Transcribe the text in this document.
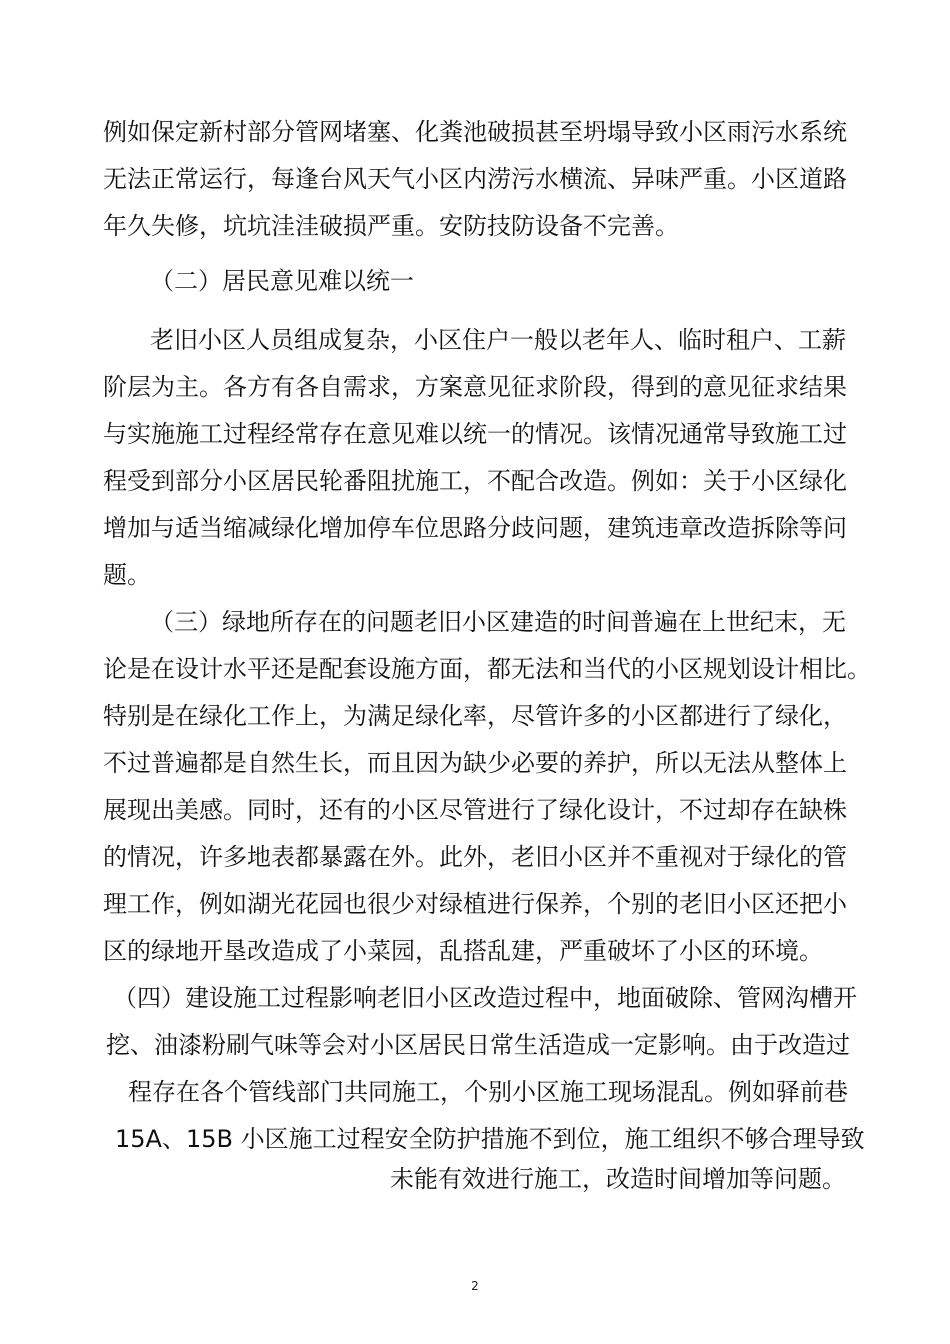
例如保定新村部分管网堵塞、化粪池破损甚至坍塌导致小区雨污水系统
无法正常运行，每逢台风天气小区内涝污水横流、异味严重。小区道路
年久失修，坑坑洼洼破损严重。安防技防设备不完善。
（二）居民意见难以统一
老旧小区人员组成复杂，小区住户一般以老年人、临时租户、工薪
阶层为主。各方有各自需求，方案意见征求阶段，得到的意见征求结果
与实施施工过程经常存在意见难以统一的情况。该情况通常导致施工过
程受到部分小区居民轮番阻扰施工，不配合改造。例如：关于小区绿化
增加与适当缩减绿化增加停车位思路分歧问题，建筑违章改造拆除等问
题。
（三）绿地所存在的问题老旧小区建造的时间普遍在上世纪末，无
论是在设计水平还是配套设施方面，都无法和当代的小区规划设计相比。
特别是在绿化工作上，为满足绿化率，尽管许多的小区都进行了绿化，
不过普遍都是自然生长，而且因为缺少必要的养护，所以无法从整体上
展现出美感。同时，还有的小区尽管进行了绿化设计，不过却存在缺株
的情况，许多地表都暴露在外。此外，老旧小区并不重视对于绿化的管
理工作，例如湖光花园也很少对绿植进行保养，个别的老旧小区还把小
区的绿地开垦改造成了小菜园，乱搭乱建，严重破坏了小区的环境。
（四）建设施工过程影响老旧小区改造过程中，地面破除、管网沟槽开
挖、油漆粉刷气味等会对小区居民日常生活造成一定影响。由于改造过
程存在各个管线部门共同施工，个别小区施工现场混乱。例如驿前巷
15A、15B 小区施工过程安全防护措施不到位，施工组织不够合理导致
未能有效进行施工，改造时间增加等问题。
2
